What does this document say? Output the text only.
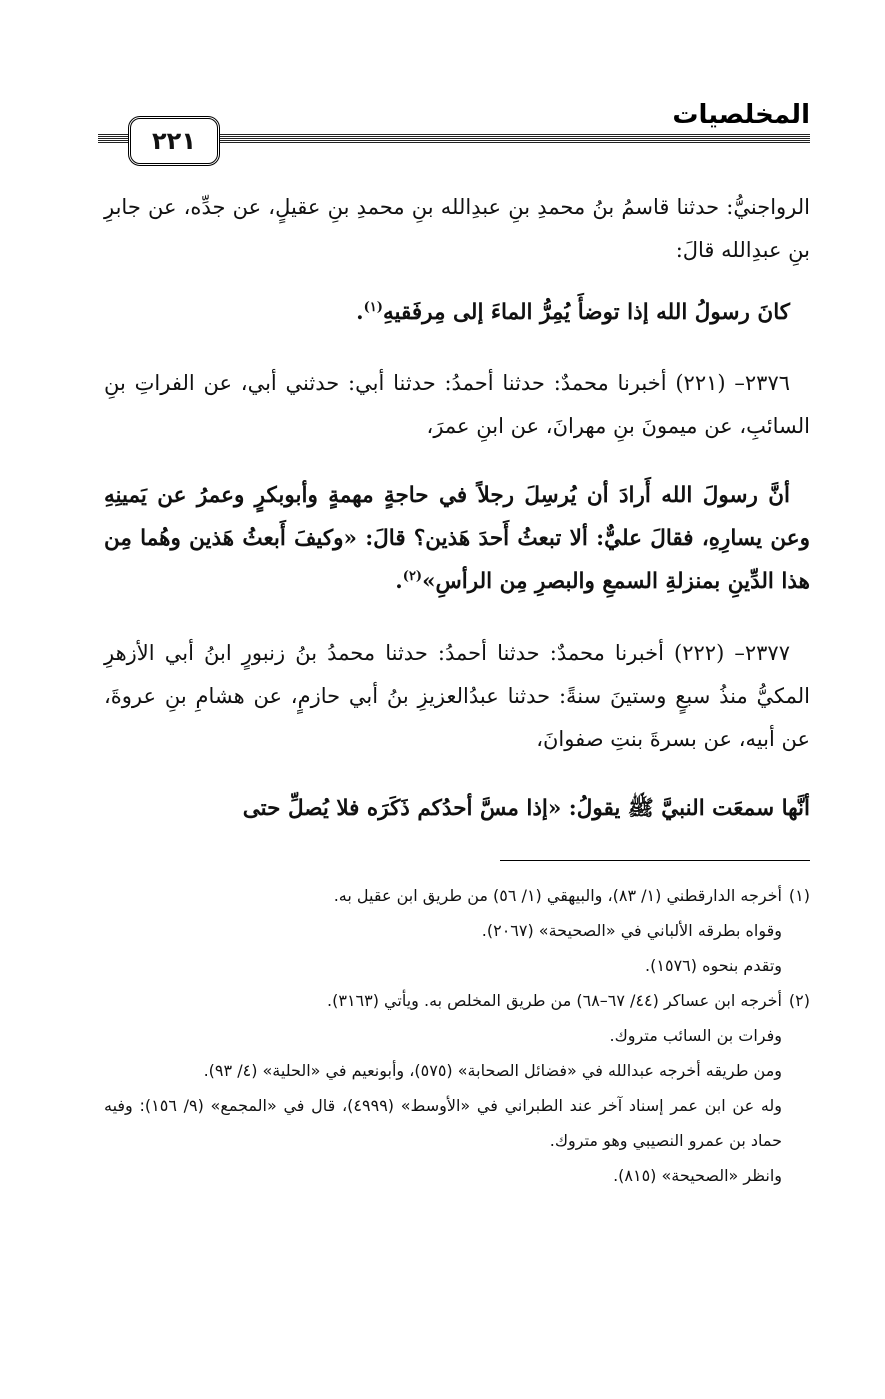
٢٢١
المخلصيات

الرواجنيُّ: حدثنا قاسمُ بنُ محمدِ بنِ عبدِالله بنِ محمدِ بنِ عقيلٍ، عن جدِّه، عن جابرِ بنِ عبدِالله قالَ:

كانَ رسولُ الله إذا توضأَ يُمِرُّ الماءَ إلى مِرفَقيهِ$^{(١)}$.

٢٣٧٦– (٢٢١) أخبرنا محمدٌ: حدثنا أحمدُ: حدثنا أبي: حدثني أبي، عن الفراتِ بنِ السائبِ، عن ميمونَ بنِ مهرانَ، عن ابنِ عمرَ،

أنَّ رسولَ الله أَرادَ أن يُرسِلَ رجلاً في حاجةٍ مهمةٍ وأبوبكرٍ وعمرُ عن يَمينِهِ وعن يسارِهِ، فقالَ عليٌّ: ألا تبعثُ أَحدَ هَذين؟ قالَ: «وكيفَ أَبعثُ هَذين وهُما مِن هذا الدِّينِ بمنزلةِ السمعِ والبصرِ مِن الرأسِ»$^{(٢)}$.

٢٣٧٧– (٢٢٢) أخبرنا محمدٌ: حدثنا أحمدُ: حدثنا محمدُ بنُ زنبورٍ ابنُ أبي الأزهرِ المكيُّ منذُ سبعٍ وستينَ سنةً: حدثنا عبدُالعزيزِ بنُ أبي حازمٍ، عن هشامِ بنِ عروةَ، عن أبيه، عن بسرةَ بنتِ صفوانَ،

أنَّها سمعَت النبيَّ ﷺ يقولُ: «إذا مسَّ أحدُكم ذَكَرَه فلا يُصلِّ حتى

(١)أخرجه الدارقطني (١/ ٨٣)، والبيهقي (١/ ٥٦) من طريق ابن عقيل به.

وقواه بطرقه الألباني في «الصحيحة» (٢٠٦٧).

وتقدم بنحوه (١٥٧٦).

(٢)أخرجه ابن عساكر (٤٤/ ٦٧–٦٨) من طريق المخلص به. ويأتي (٣١٦٣).

وفرات بن السائب متروك.

ومن طريقه أخرجه عبدالله في «فضائل الصحابة» (٥٧٥)، وأبونعيم في «الحلية» (٤/ ٩٣).

وله عن ابن عمر إسناد آخر عند الطبراني في «الأوسط» (٤٩٩٩)، قال في «المجمع» (٩/ ١٥٦): وفيه حماد بن عمرو النصيبي وهو متروك.

وانظر «الصحيحة» (٨١٥).
